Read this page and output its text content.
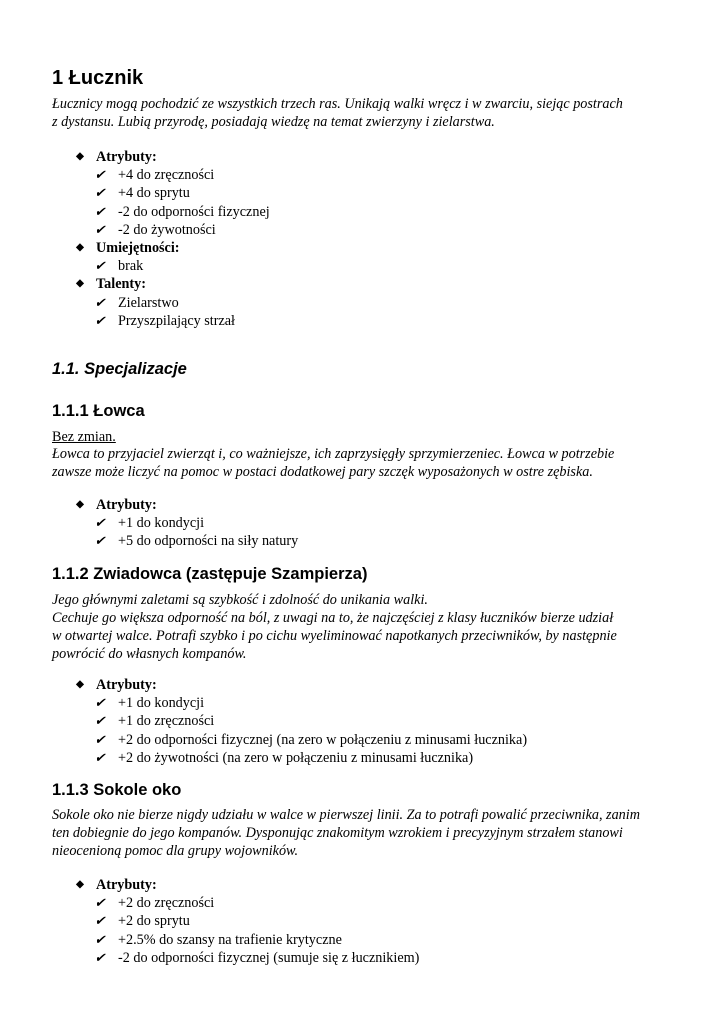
1 Łucznik
Łucznicy mogą pochodzić ze wszystkich trzech ras. Unikają walki wręcz i w zwarciu, siejąc postrach
z dystansu. Lubią przyrodę, posiadają wiedzę na temat zwierzyny i zielarstwa.
◆ Atrybuty:
✔ +4 do zręczności
✔ +4 do sprytu
✔ -2 do odporności fizycznej
✔ -2 do żywotności
◆ Umiejętności:
✔ brak
◆ Talenty:
✔ Zielarstwo
✔ Przyszpilający strzał
1.1. Specjalizacje
1.1.1 Łowca
Bez zmian.
Łowca to przyjaciel zwierząt i, co ważniejsze, ich zaprzysięgły sprzymierzeniec. Łowca w potrzebie
zawsze może liczyć na pomoc w postaci dodatkowej pary szczęk wyposażonych w ostre zębiska.
◆ Atrybuty:
✔ +1 do kondycji
✔ +5 do odporności na siły natury
1.1.2 Zwiadowca (zastępuje Szampierza)
Jego głównymi zaletami są szybkość i zdolność do unikania walki.
Cechuje go większa odporność na ból, z uwagi na to, że najczęściej z klasy łuczników bierze udział
w otwartej walce. Potrafi szybko i po cichu wyeliminować napotkanych przeciwników, by następnie
powrócić do własnych kompanów.
◆ Atrybuty:
✔ +1 do kondycji
✔ +1 do zręczności
✔ +2 do odporności fizycznej (na zero w połączeniu z minusami łucznika)
✔ +2 do żywotności (na zero w połączeniu z minusami łucznika)
1.1.3 Sokole oko
Sokole oko nie bierze nigdy udziału w walce w pierwszej linii. Za to potrafi powalić przeciwnika, zanim
ten dobiegnie do jego kompanów. Dysponując znakomitym wzrokiem i precyzyjnym strzałem stanowi
nieocenioną pomoc dla grupy wojowników.
◆ Atrybuty:
✔ +2 do zręczności
✔ +2 do sprytu
✔ +2.5% do szansy na trafienie krytyczne
✔ -2 do odporności fizycznej (sumuje się z łucznikiem)
